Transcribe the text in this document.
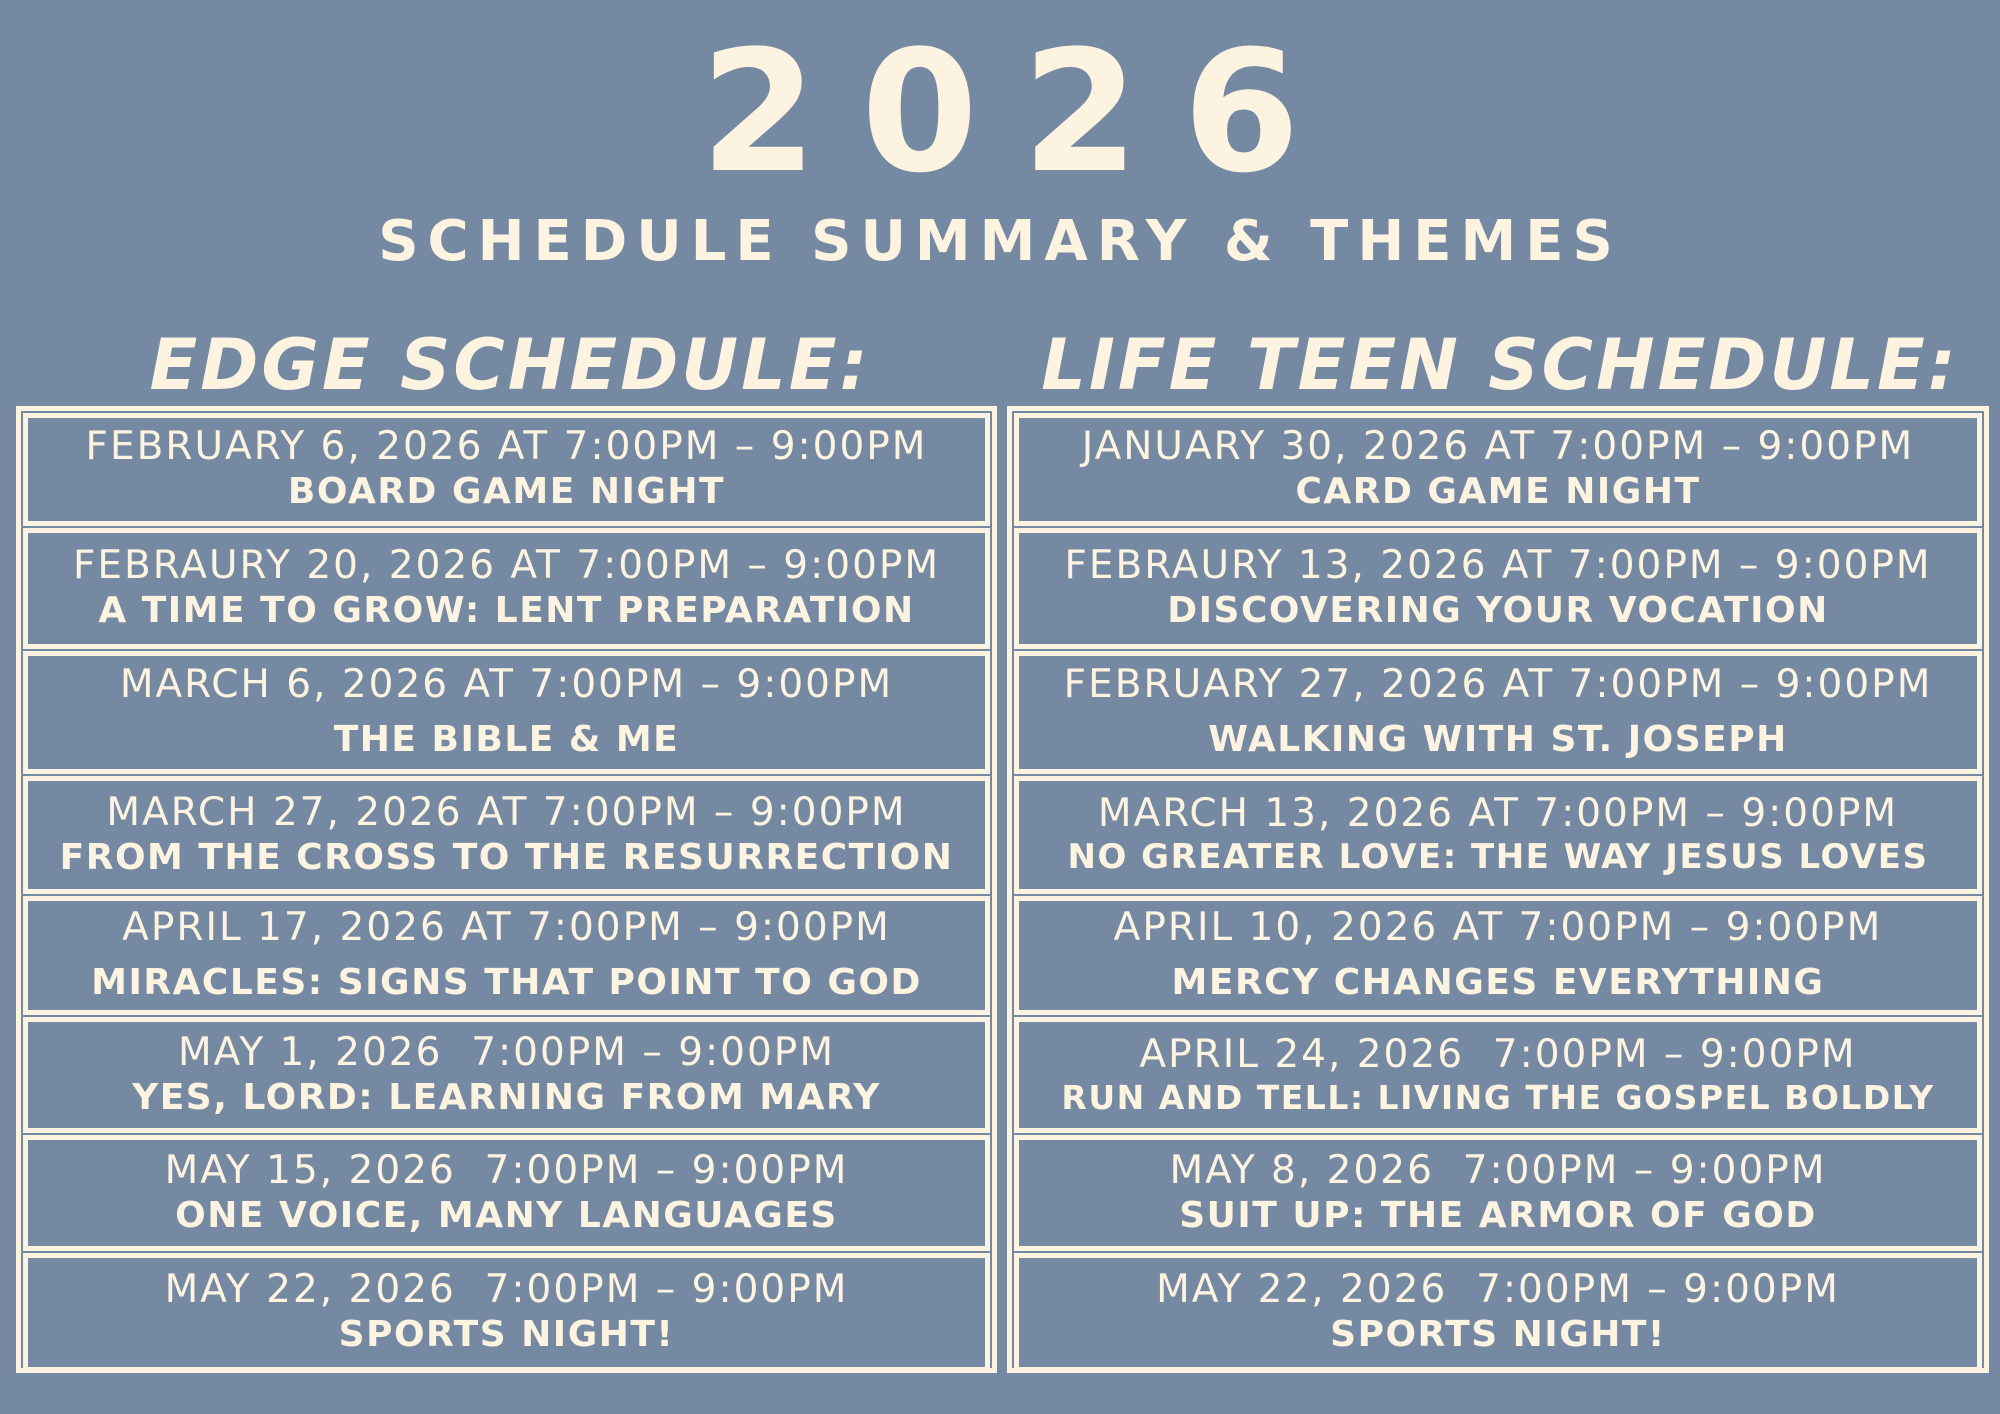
2026
SCHEDULE SUMMARY & THEMES
EDGE SCHEDULE:	LIFE TEEN SCHEDULE:
FEBRUARY 6, 2026 AT 7:00PM – 9:00PM
BOARD GAME NIGHT
FEBRAURY 20, 2026 AT 7:00PM – 9:00PM
A TIME TO GROW: LENT PREPARATION
MARCH 6, 2026 AT 7:00PM – 9:00PM
THE BIBLE & ME
MARCH 27, 2026 AT 7:00PM – 9:00PM
FROM THE CROSS TO THE RESURRECTION
APRIL 17, 2026 AT 7:00PM – 9:00PM
MIRACLES: SIGNS THAT POINT TO GOD
MAY 1, 2026  7:00PM – 9:00PM
YES, LORD: LEARNING FROM MARY
MAY 15, 2026  7:00PM – 9:00PM
ONE VOICE, MANY LANGUAGES
MAY 22, 2026  7:00PM – 9:00PM
SPORTS NIGHT!
JANUARY 30, 2026 AT 7:00PM – 9:00PM
CARD GAME NIGHT
FEBRAURY 13, 2026 AT 7:00PM – 9:00PM
DISCOVERING YOUR VOCATION
FEBRUARY 27, 2026 AT 7:00PM – 9:00PM
WALKING WITH ST. JOSEPH
MARCH 13, 2026 AT 7:00PM – 9:00PM
NO GREATER LOVE: THE WAY JESUS LOVES
APRIL 10, 2026 AT 7:00PM – 9:00PM
MERCY CHANGES EVERYTHING
APRIL 24, 2026  7:00PM – 9:00PM
RUN AND TELL: LIVING THE GOSPEL BOLDLY
MAY 8, 2026  7:00PM – 9:00PM
SUIT UP: THE ARMOR OF GOD
MAY 22, 2026  7:00PM – 9:00PM
SPORTS NIGHT!
